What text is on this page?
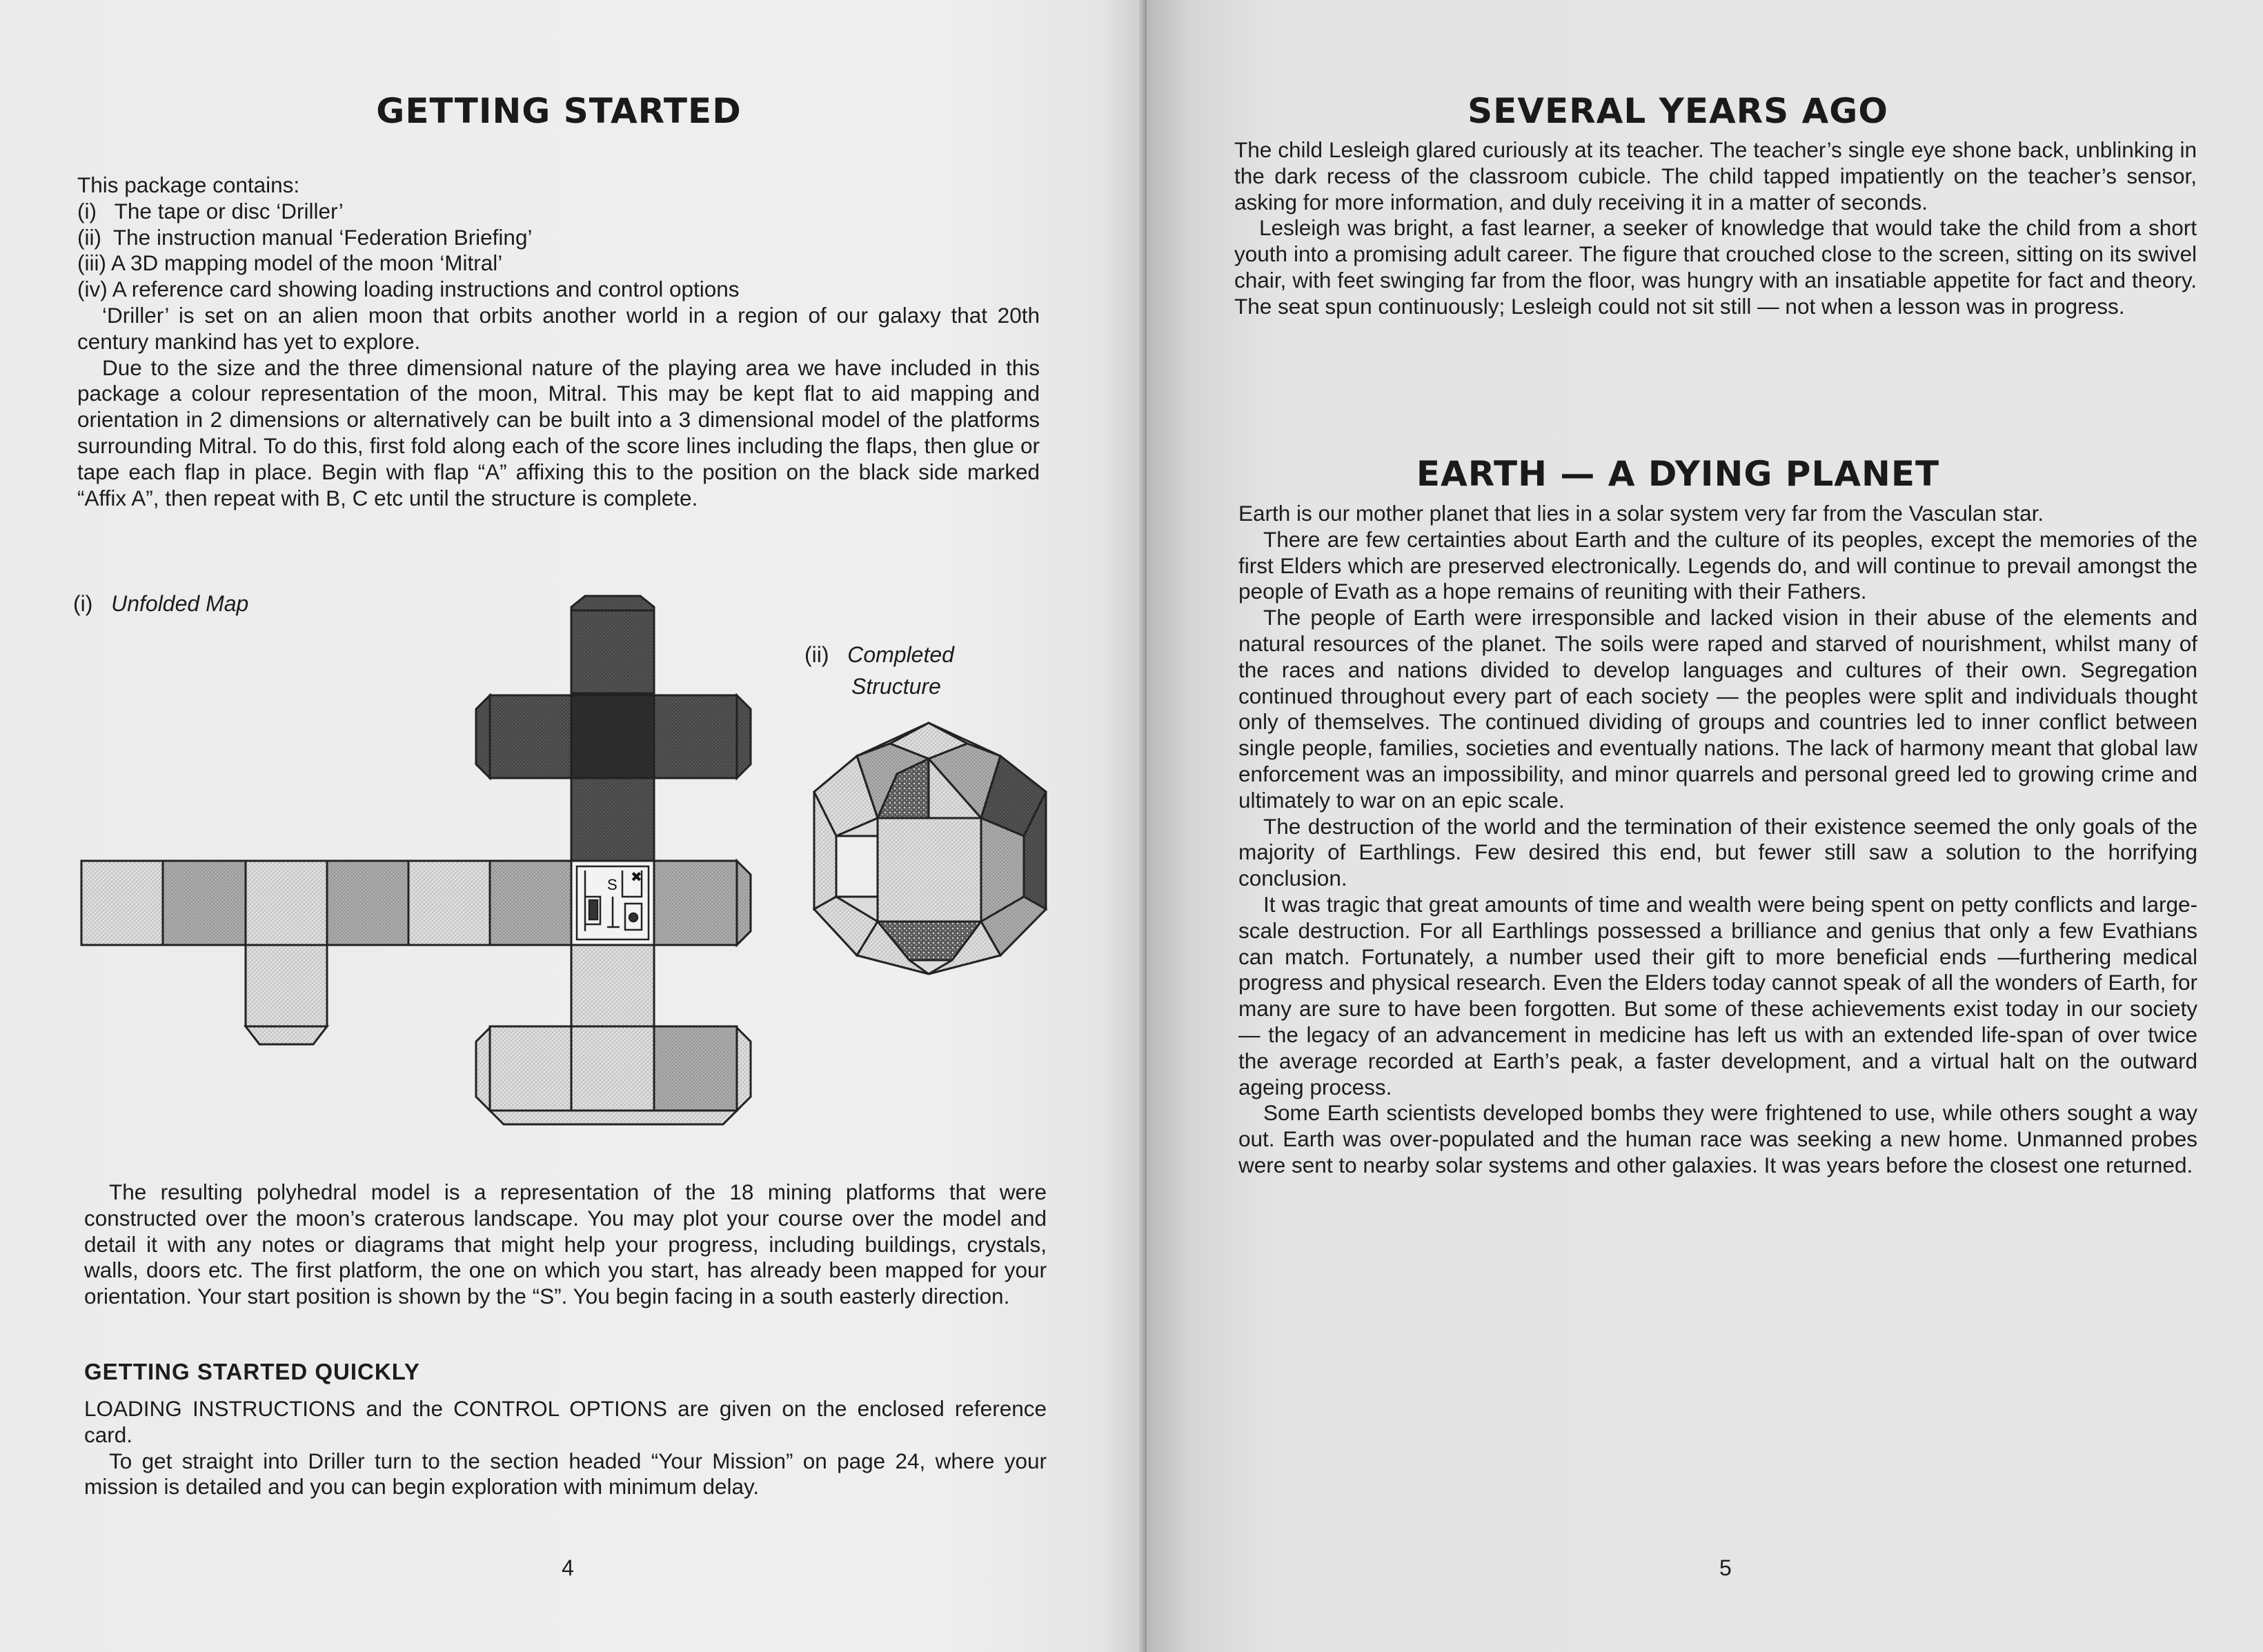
GETTING STARTED
This package contains:
(i)   The tape or disc ‘Driller’
(ii)  The instruction manual ‘Federation Briefing’
(iii) A 3D mapping model of the moon ‘Mitral’
(iv) A reference card showing loading instructions and control options

‘Driller’ is set on an alien moon that orbits another world in a region of our galaxy that 20th century mankind has yet to explore.

Due to the size and the three dimensional nature of the playing area we have included in this package a colour representation of the moon, Mitral. This may be kept flat to aid mapping and orientation in 2 dimensions or alternatively can be built into a 3 dimensional model of the platforms surrounding Mitral. To do this, first fold along each of the score lines including the flaps, then glue or tape each flap in place. Begin with flap “A” affixing this to the position on the black side marked “Affix A”, then repeat with B, C etc until the structure is complete.

(i) Unfolded Map
(ii) Completed
Structure
S ✖

The resulting polyhedral model is a representation of the 18 mining platforms that were constructed over the moon’s craterous landscape. You may plot your course over the model and detail it with any notes or diagrams that might help your progress, including buildings, crystals, walls, doors etc. The first platform, the one on which you start, has already been mapped for your orientation. Your start position is shown by the “S”. You begin facing in a south easterly direction.

GETTING STARTED QUICKLY

LOADING INSTRUCTIONS and the CONTROL OPTIONS are given on the enclosed reference card.

To get straight into Driller turn to the section headed “Your Mission” on page 24, where your mission is detailed and you can begin exploration with minimum delay.

4
SEVERAL YEARS AGO

The child Lesleigh glared curiously at its teacher. The teacher’s single eye shone back, unblinking in the dark recess of the classroom cubicle. The child tapped impatiently on the teacher’s sensor, asking for more information, and duly receiving it in a matter of seconds.

Lesleigh was bright, a fast learner, a seeker of knowledge that would take the child from a short youth into a promising adult career. The figure that crouched close to the screen, sitting on its swivel chair, with feet swinging far from the floor, was hungry with an insatiable appetite for fact and theory. The seat spun continuously; Lesleigh could not sit still — not when a lesson was in progress.

EARTH — A DYING PLANET

Earth is our mother planet that lies in a solar system very far from the Vasculan star.

There are few certainties about Earth and the culture of its peoples, except the memories of the first Elders which are preserved electronically. Legends do, and will continue to prevail amongst the people of Evath as a hope remains of reuniting with their Fathers.

The people of Earth were irresponsible and lacked vision in their abuse of the elements and natural resources of the planet. The soils were raped and starved of nourishment, whilst many of the races and nations divided to develop languages and cultures of their own. Segregation continued throughout every part of each society — the peoples were split and individuals thought only of themselves. The continued dividing of groups and countries led to inner conflict between single people, families, societies and eventually nations. The lack of harmony meant that global law enforcement was an impossibility, and minor quarrels and personal greed led to growing crime and ultimately to war on an epic scale.

The destruction of the world and the termination of their existence seemed the only goals of the majority of Earthlings. Few desired this end, but fewer still saw a solution to the horrifying conclusion.

It was tragic that great amounts of time and wealth were being spent on petty conflicts and large-scale destruction. For all Earthlings possessed a brilliance and genius that only a few Evathians can match. Fortunately, a number used their gift to more beneficial ends —furthering medical progress and physical research. Even the Elders today cannot speak of all the wonders of Earth, for many are sure to have been forgotten. But some of these achievements exist today in our society — the legacy of an advancement in medicine has left us with an extended life-span of over twice the average recorded at Earth’s peak, a faster development, and a virtual halt on the outward ageing process.

Some Earth scientists developed bombs they were frightened to use, while others sought a way out. Earth was over-populated and the human race was seeking a new home. Unmanned probes were sent to nearby solar systems and other galaxies. It was years before the closest one returned.

5
